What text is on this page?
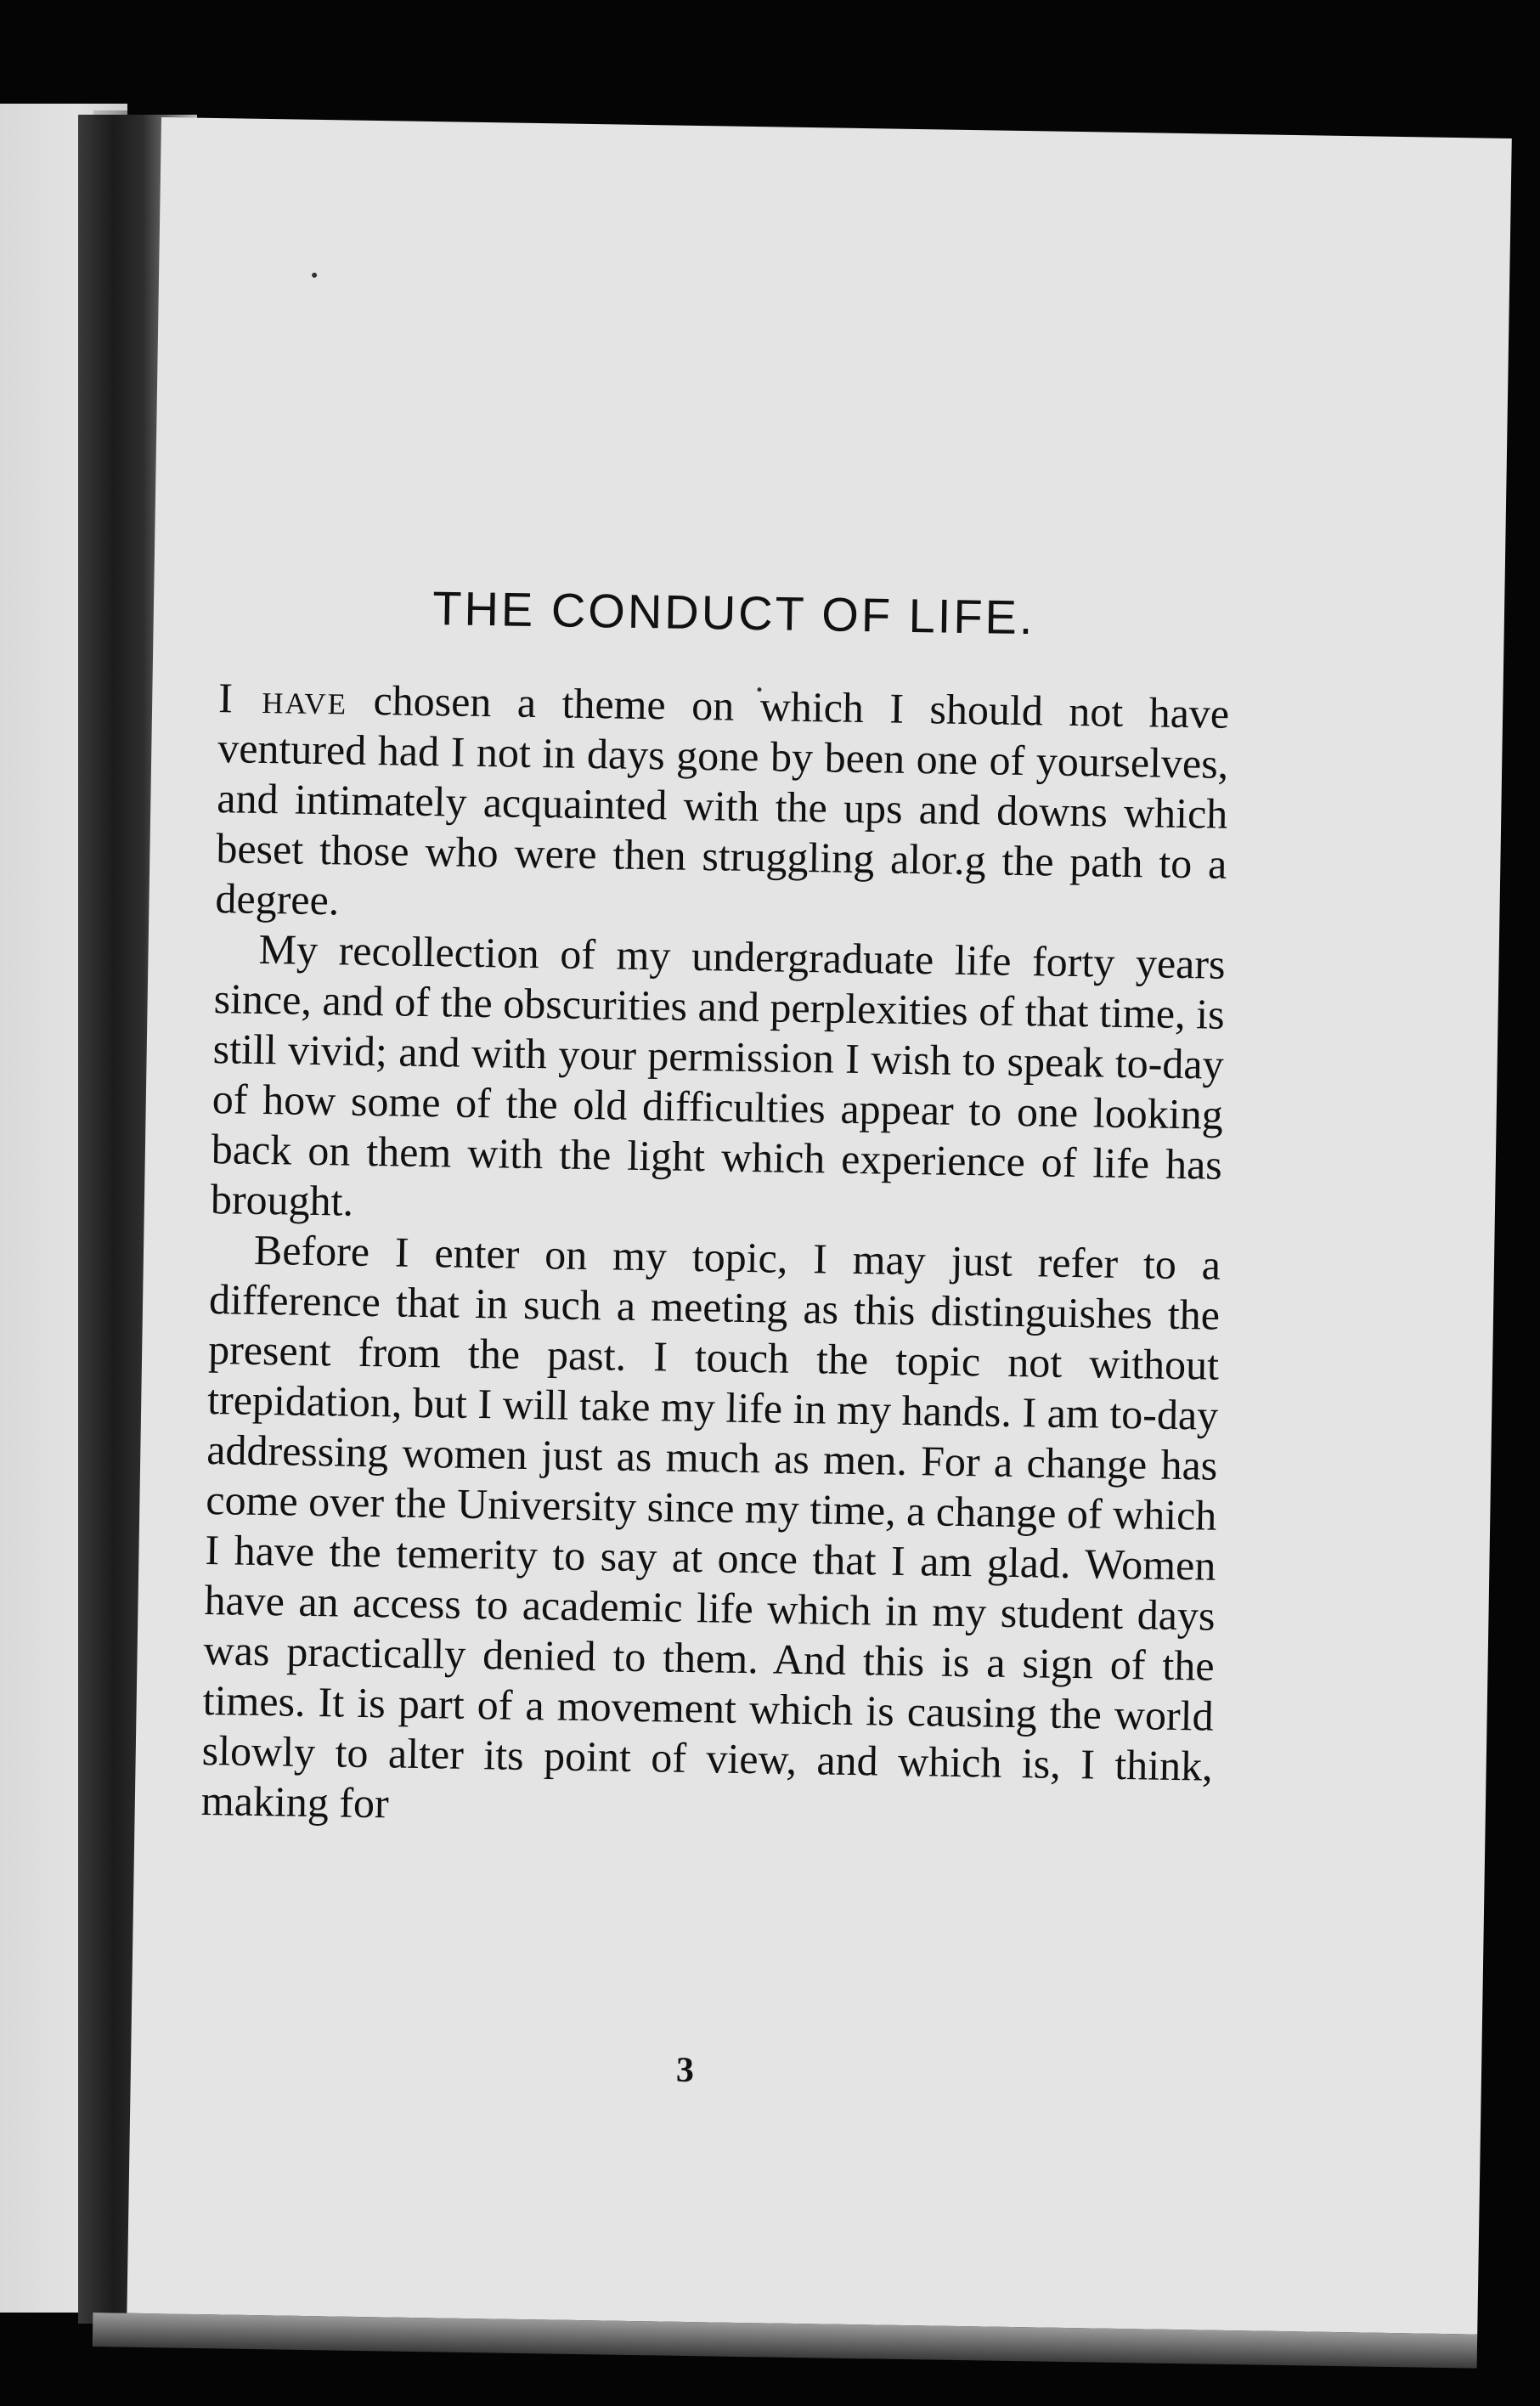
THE CONDUCT OF LIFE.

I have chosen a theme on which I should not have ventured had I not in days gone by been one of yourselves, and intimately acquainted with the ups and downs which beset those who were then struggling alor.g the path to a degree.

My recollection of my undergraduate life forty years since, and of the obscurities and perplexities of that time, is still vivid; and with your permission I wish to speak to-day of how some of the old difficulties appear to one looking back on them with the light which experience of life has brought.

Before I enter on my topic, I may just refer to a difference that in such a meeting as this distinguishes the present from the past. I touch the topic not without trepidation, but I will take my life in my hands. I am to-day addressing women just as much as men. For a change has come over the University since my time, a change of which I have the temerity to say at once that I am glad. Women have an access to academic life which in my student days was practically denied to them. And this is a sign of the times. It is part of a movement which is causing the world slowly to alter its point of view, and which is, I think, making for

3
